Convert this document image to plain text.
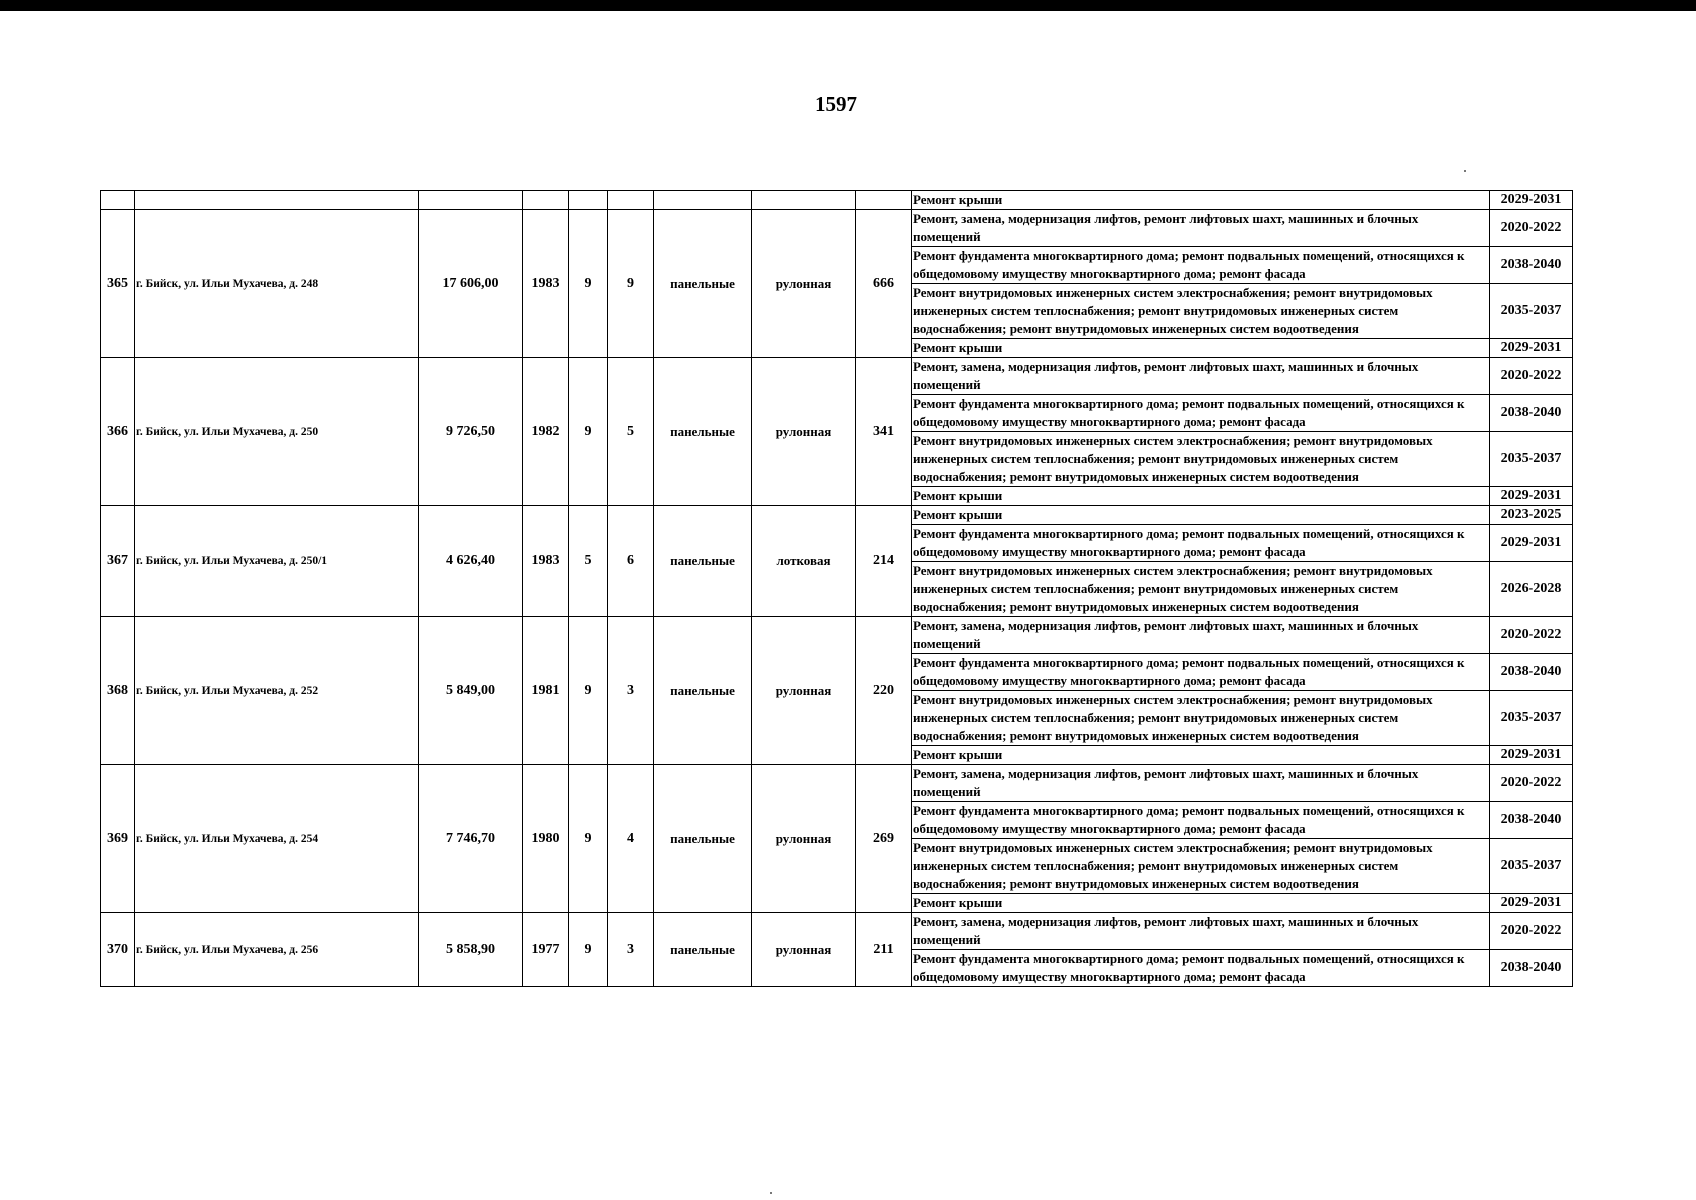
1597
									Ремонт крыши	2029-2031
365	г. Бийск, ул. Ильи Мухачева, д. 248	17 606,00	1983	9	9	панельные	рулонная	666	Ремонт, замена, модернизация лифтов, ремонт лифтовых шахт, машинных и блочных помещений	2020-2022
									Ремонт фундамента многоквартирного дома; ремонт подвальных помещений, относящихся к общедомовому имуществу многоквартирного дома; ремонт фасада	2038-2040
									Ремонт внутридомовых инженерных систем электроснабжения; ремонт внутридомовых инженерных систем теплоснабжения; ремонт внутридомовых инженерных систем водоснабжения; ремонт внутридомовых инженерных систем водоотведения	2035-2037
									Ремонт крыши	2029-2031
366	г. Бийск, ул. Ильи Мухачева, д. 250	9 726,50	1982	9	5	панельные	рулонная	341	Ремонт, замена, модернизация лифтов, ремонт лифтовых шахт, машинных и блочных помещений	2020-2022
									Ремонт фундамента многоквартирного дома; ремонт подвальных помещений, относящихся к общедомовому имуществу многоквартирного дома; ремонт фасада	2038-2040
									Ремонт внутридомовых инженерных систем электроснабжения; ремонт внутридомовых инженерных систем теплоснабжения; ремонт внутридомовых инженерных систем водоснабжения; ремонт внутридомовых инженерных систем водоотведения	2035-2037
									Ремонт крыши	2029-2031
367	г. Бийск, ул. Ильи Мухачева, д. 250/1	4 626,40	1983	5	6	панельные	лотковая	214	Ремонт крыши	2023-2025
									Ремонт фундамента многоквартирного дома; ремонт подвальных помещений, относящихся к общедомовому имуществу многоквартирного дома; ремонт фасада	2029-2031
									Ремонт внутридомовых инженерных систем электроснабжения; ремонт внутридомовых инженерных систем теплоснабжения; ремонт внутридомовых инженерных систем водоснабжения; ремонт внутридомовых инженерных систем водоотведения	2026-2028
368	г. Бийск, ул. Ильи Мухачева, д. 252	5 849,00	1981	9	3	панельные	рулонная	220	Ремонт, замена, модернизация лифтов, ремонт лифтовых шахт, машинных и блочных помещений	2020-2022
									Ремонт фундамента многоквартирного дома; ремонт подвальных помещений, относящихся к общедомовому имуществу многоквартирного дома; ремонт фасада	2038-2040
									Ремонт внутридомовых инженерных систем электроснабжения; ремонт внутридомовых инженерных систем теплоснабжения; ремонт внутридомовых инженерных систем водоснабжения; ремонт внутридомовых инженерных систем водоотведения	2035-2037
									Ремонт крыши	2029-2031
369	г. Бийск, ул. Ильи Мухачева, д. 254	7 746,70	1980	9	4	панельные	рулонная	269	Ремонт, замена, модернизация лифтов, ремонт лифтовых шахт, машинных и блочных помещений	2020-2022
									Ремонт фундамента многоквартирного дома; ремонт подвальных помещений, относящихся к общедомовому имуществу многоквартирного дома; ремонт фасада	2038-2040
									Ремонт внутридомовых инженерных систем электроснабжения; ремонт внутридомовых инженерных систем теплоснабжения; ремонт внутридомовых инженерных систем водоснабжения; ремонт внутридомовых инженерных систем водоотведения	2035-2037
									Ремонт крыши	2029-2031
370	г. Бийск, ул. Ильи Мухачева, д. 256	5 858,90	1977	9	3	панельные	рулонная	211	Ремонт, замена, модернизация лифтов, ремонт лифтовых шахт, машинных и блочных помещений	2020-2022
									Ремонт фундамента многоквартирного дома; ремонт подвальных помещений, относящихся к общедомовому имуществу многоквартирного дома; ремонт фасада	2038-2040
